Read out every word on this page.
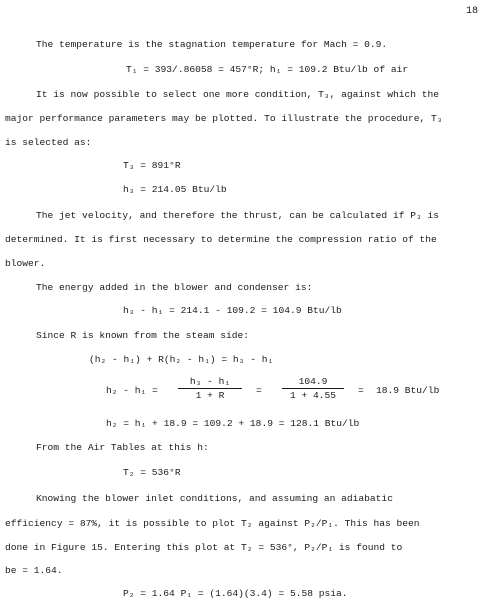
18
The temperature is the stagnation temperature for Mach = 0.9.
T₁ = 393/.86058 = 457°R; h₁ = 109.2 Btu/lb of air
It is now possible to select one more condition, T₃, against which the
major performance parameters may be plotted. To illustrate the procedure, T₃
is selected as:
T₃ = 891°R
h₃ = 214.05 Btu/lb
The jet velocity, and therefore the thrust, can be calculated if P₃ is
determined. It is first necessary to determine the compression ratio of the
blower.
The energy added in the blower and condenser is:
h₃ - h₁ = 214.1 - 109.2 = 104.9 Btu/lb
Since R is known from the steam side:
(h₂ - h₁) + R(h₂ - h₁) = h₃ - h₁
h₂ - h₁ =
h₃ - h₁
1 + R	=
104.9
1 + 4.55	= 18.9 Btu/lb
h₂ = h₁ + 18.9 = 109.2 + 18.9 = 128.1 Btu/lb
From the Air Tables at this h:
T₂ = 536°R
Knowing the blower inlet conditions, and assuming an adiabatic
efficiency = 87%, it is possible to plot T₂ against P₂/P₁. This has been
done in Figure 15. Entering this plot at T₂ = 536°, P₂/P₁ is found to
be = 1.64.
P₂ = 1.64 P₁ = (1.64)(3.4) = 5.58 psia.
